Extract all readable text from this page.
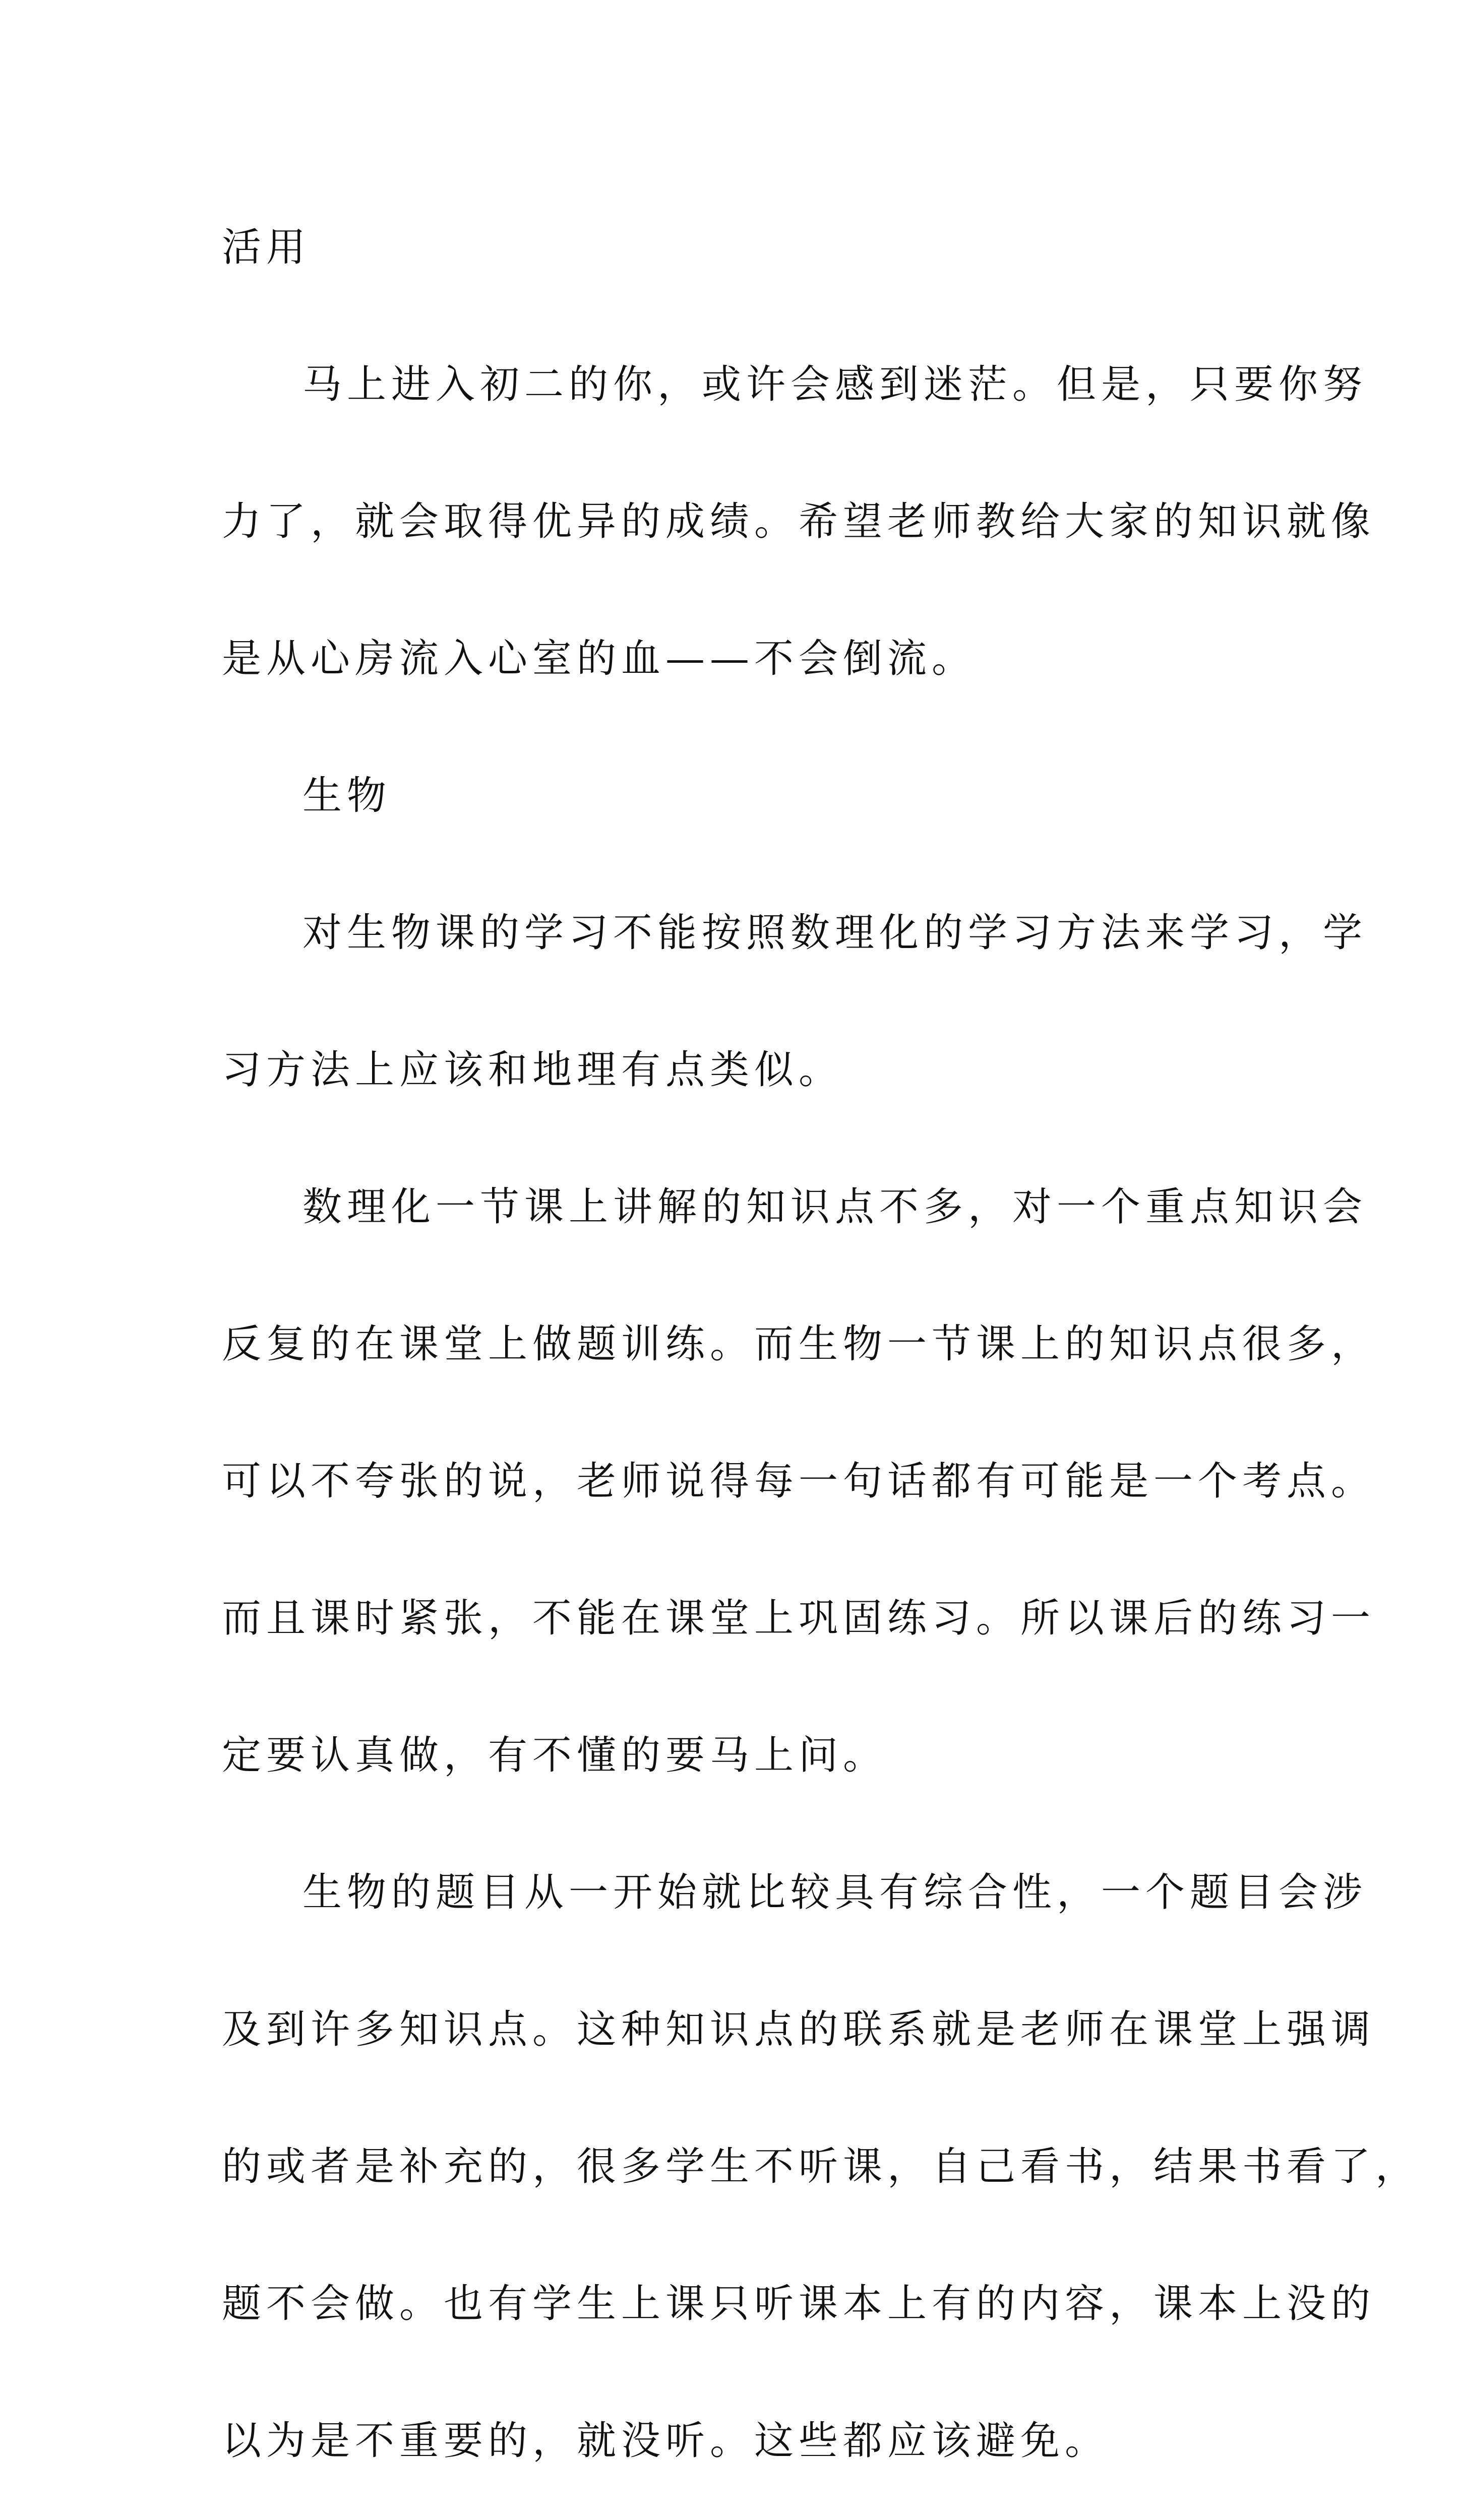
活用
马上进入初二的你，或许会感到迷茫。但是，只要你努
力了，就会取得优异的成绩。希望老师教给大家的知识就像
是从心房流入心室的血——不会倒流。
生物
对生物课的学习不能按照数理化的学习方法来学习，学
习方法上应该和地理有点类似。
数理化一节课上讲解的知识点不多，对一个重点知识会
反复的在课堂上做题训练。而生物一节课上的知识点很多，
可以不夸张的说，老师说得每一句话都有可能是一个考点。
而且课时紧张，不能在课堂上巩固练习。所以课后的练习一
定要认真做，有不懂的要马上问。
生物的题目从一开始就比较具有综合性，一个题目会涉
及到许多知识点。这种知识点的联系就是老师在课堂上强调
的或者是补充的，很多学生不听课，自己看书，结果书看了，
题不会做。也有学生上课只听课本上有的内容，课本上没的
以为是不重要的，就没听。这些都应该避免。
